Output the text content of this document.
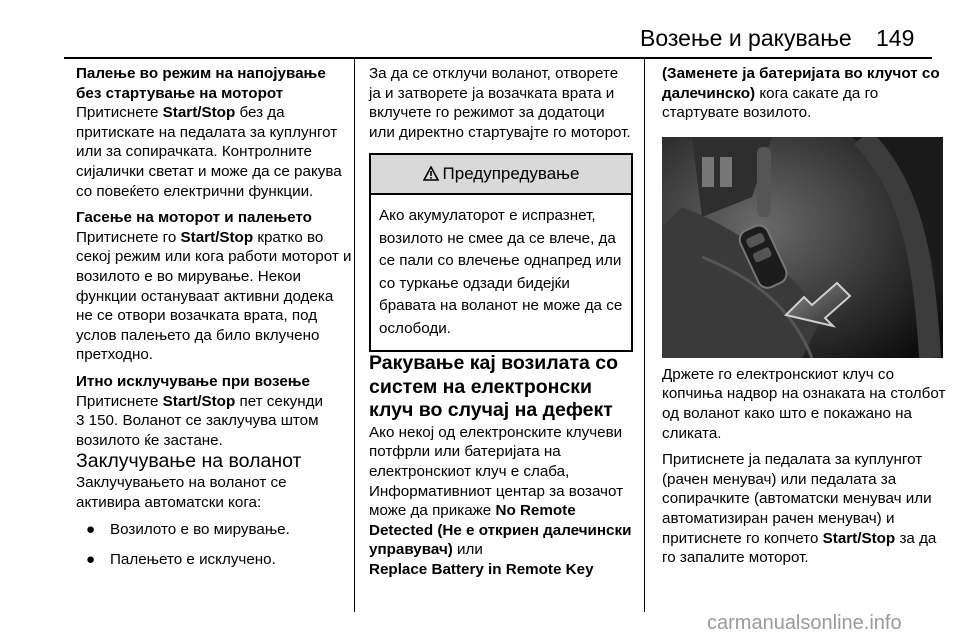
Возење и ракување 149

Палење во режим на напојување без стартување на моторот

Притиснете Start/Stop без да притискате на педалата за куплунгот или за сопирачката. Контролните сијалички светат и може да се ракува со повеќето електрични функции.

Гасење на моторот и палењето

Притиснете го Start/Stop кратко во секој режим или кога работи моторот и возилото е во мирување. Некои функции остануваат активни додека не се отвори возачката врата, под услов палењето да било вклучено претходно.

Итно исклучување при возење

Притиснете Start/Stop пет секунди
3 150. Воланот се заклучува штом возилото ќе застане.

Заклучување на воланот

Заклучувањето на воланот се активира автоматски кога:

● Возилото е во мирување.
● Палењето е исклучено.

За да се отклучи воланот, отворете ја и затворете ја возачката врата и вклучете го режимот за додатоци или директно стартувајте го моторот.

Предупредување
Ако акумулаторот е испразнет, возилото не смее да се влече, да се пали со влечење однапред или со туркање одзади бидејќи бравата на воланот не може да се ослободи.

Ракување кај возилата со систем на електронски клуч во случај на дефект

Ако некој од електронските клучеви потфрли или батеријата на електронскиот клуч е слаба, Информативниот центар за возачот може да прикаже No Remote Detected (Не е откриен далечински управувач) или
Replace Battery in Remote Key

(Заменете ја батеријата во клучот со далечинско) кога сакате да го стартувате возилото.

Држете го електронскиот клуч со копчиња надвор на ознаката на столбот од воланот како што е покажано на сликата.

Притиснете ја педалата за куплунгот (рачен менувач) или педалата за сопирачките (автоматски менувач или автоматизиран рачен менувач) и притиснете го копчето Start/Stop за да го запалите моторот.

carmanualsonline.info
